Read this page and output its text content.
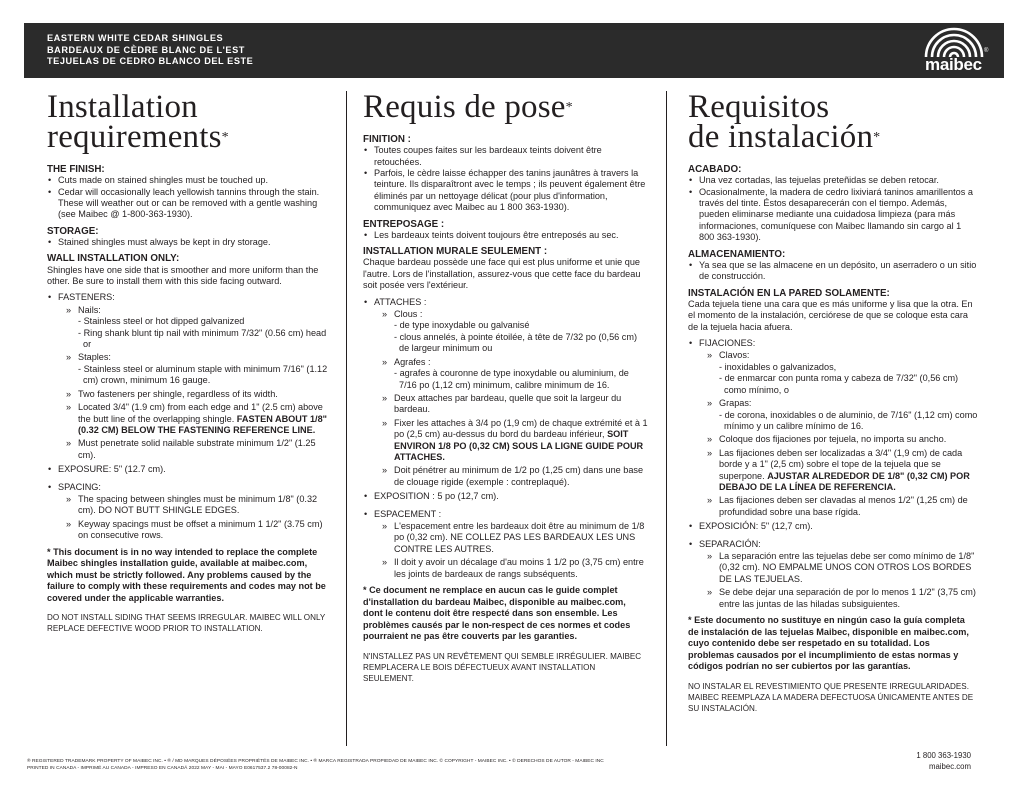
EASTERN WHITE CEDAR SHINGLES
BARDEAUX DE CÈDRE BLANC DE L'EST
TEJUELAS DE CEDRO BLANCO DEL ESTE	maibec
®
Installation
requirements*
THE FINISH:
• Cuts made on stained shingles must be touched up.
• Cedar will occasionally leach yellowish tannins through the stain. These will weather out or can be removed with a gentle washing (see Maibec @ 1-800-363-1930).
STORAGE:
• Stained shingles must always be kept in dry storage.
WALL INSTALLATION ONLY:

Shingles have one side that is smoother and more uniform than the other. Be sure to install them with this side facing outward.

• FASTENERS:
» Nails:
- Stainless steel or hot dipped galvanized
- Ring shank blunt tip nail with minimum 7/32" (0.56 cm) head or
» Staples:
- Stainless steel or aluminum staple with minimum 7/16" (1.12 cm) crown, minimum 16 gauge.
» Two fasteners per shingle, regardless of its width.
» Located 3/4" (1.9 cm) from each edge and 1" (2.5 cm) above the butt line of the overlapping shingle. FASTEN ABOUT 1/8" (0.32 CM) BELOW THE FASTENING REFERENCE LINE.
» Must penetrate solid nailable substrate minimum 1/2" (1.25 cm).
• EXPOSURE: 5" (12.7 cm).
• SPACING:
» The spacing between shingles must be minimum 1/8" (0.32 cm). DO NOT BUTT SHINGLE EDGES.
» Keyway spacings must be offset a minimum 1 1/2" (3.75 cm) on consecutive rows.

* This document is in no way intended to replace the complete Maibec shingles installation guide, available at maibec.com, which must be strictly followed. Any problems caused by the failure to comply with these requirements and codes may not be covered under the applicable warranties.

DO NOT INSTALL SIDING THAT SEEMS IRREGULAR. MAIBEC WILL ONLY REPLACE DEFECTIVE WOOD PRIOR TO INSTALLATION.

Requis de pose*
FINITION :
• Toutes coupes faites sur les bardeaux teints doivent être retouchées.
• Parfois, le cèdre laisse échapper des tanins jaunâtres à travers la teinture. Ils disparaîtront avec le temps ; ils peuvent également être éliminés par un nettoyage délicat (pour plus d'information, communiquez avec Maibec au 1 800 363-1930).
ENTREPOSAGE :
• Les bardeaux teints doivent toujours être entreposés au sec.
INSTALLATION MURALE SEULEMENT :

Chaque bardeau possède une face qui est plus uniforme et unie que l'autre. Lors de l'installation, assurez-vous que cette face du bardeau soit posée vers l'extérieur.

• ATTACHES :
» Clous :
- de type inoxydable ou galvanisé
- clous annelés, à pointe étoilée, à tête de 7/32 po (0,56 cm) de largeur minimum ou
» Agrafes :
- agrafes à couronne de type inoxydable ou aluminium, de 7/16 po (1,12 cm) minimum, calibre minimum de 16.
» Deux attaches par bardeau, quelle que soit la largeur du bardeau.
» Fixer les attaches à 3/4 po (1,9 cm) de chaque extrémité et à 1 po (2,5 cm) au-dessus du bord du bardeau inférieur, SOIT ENVIRON 1/8 PO (0,32 CM) SOUS LA LIGNE GUIDE POUR ATTACHES.
» Doit pénétrer au minimum de 1/2 po (1,25 cm) dans une base de clouage rigide (exemple : contreplaqué).
• EXPOSITION : 5 po (12,7 cm).
• ESPACEMENT :
» L'espacement entre les bardeaux doit être au minimum de 1/8 po (0,32 cm). NE COLLEZ PAS LES BARDEAUX LES UNS CONTRE LES AUTRES.
» Il doit y avoir un décalage d'au moins 1 1/2 po (3,75 cm) entre les joints de bardeaux de rangs subséquents.

* Ce document ne remplace en aucun cas le guide complet d'installation du bardeau Maibec, disponible au maibec.com, dont le contenu doit être respecté dans son ensemble. Les problèmes causés par le non-respect de ces normes et codes pourraient ne pas être couverts par les garanties.

N'INSTALLEZ PAS UN REVÊTEMENT QUI SEMBLE IRRÉGULIER. MAIBEC REMPLACERA LE BOIS DÉFECTUEUX AVANT INSTALLATION SEULEMENT.

Requisitos
de instalación*
ACABADO:
• Una vez cortadas, las tejuelas preteñidas se deben retocar.
• Ocasionalmente, la madera de cedro lixiviará taninos amarillentos a través del tinte. Éstos desaparecerán con el tiempo. Además, pueden eliminarse mediante una cuidadosa limpieza (para más informaciones, comuníquese con Maibec llamando sin cargo al 1 800 363-1930).
ALMACENAMIENTO:
• Ya sea que se las almacene en un depósito, un aserradero o un sitio de construcción.
INSTALACIÓN EN LA PARED SOLAMENTE:

Cada tejuela tiene una cara que es más uniforme y lisa que la otra. En el momento de la instalación, cerciórese de que se coloque esta cara de la tejuela hacia afuera.

• FIJACIONES:
» Clavos:
- inoxidables o galvanizados,
- de enmarcar con punta roma y cabeza de 7/32" (0,56 cm) como mínimo, o
» Grapas:
- de corona, inoxidables o de aluminio, de 7/16" (1,12 cm) como mínimo y un calibre mínimo de 16.
» Coloque dos fijaciones por tejuela, no importa su ancho.
» Las fijaciones deben ser localizadas a 3/4" (1,9 cm) de cada borde y a 1" (2,5 cm) sobre el tope de la tejuela que se superpone. AJUSTAR ALREDEDOR DE 1/8" (0,32 CM) POR DEBAJO DE LA LÍNEA DE REFERENCIA.
» Las fijaciones deben ser clavadas al menos 1/2" (1,25 cm) de profundidad sobre una base rígida.
• EXPOSICIÓN: 5" (12,7 cm).
• SEPARACIÓN:
» La separación entre las tejuelas debe ser como mínimo de 1/8" (0,32 cm). NO EMPALME UNOS CON OTROS LOS BORDES DE LAS TEJUELAS.
» Se debe dejar una separación de por lo menos 1 1/2" (3,75 cm) entre las juntas de las hiladas subsiguientes.

* Este documento no sustituye en ningún caso la guía completa de instalación de las tejuelas Maibec, disponible en maibec.com, cuyo contenido debe ser respetado en su totalidad. Los problemas causados por el incumplimiento de estas normas y códigos podrían no ser cubiertos por las garantías.

NO INSTALAR EL REVESTIMIENTO QUE PRESENTE IRREGULARIDADES. MAIBEC REEMPLAZA LA MADERA DEFECTUOSA ÚNICAMENTE ANTES DE SU INSTALACIÓN.

® REGISTERED TRADEMARK PROPERTY OF MAIBEC INC. • ® / MD MARQUES DÉPOSÉES PROPRIÉTÉS DE MAIBEC INC. • ® MARCA REGISTRADA PROPIEDAD DE MAIBEC INC. © COPYRIGHT - MAIBEC INC. • © DERECHOS DE AUTOR - MAIBEC INC
PRINTED IN CANADA - IMPRIMÉ AU CANADA - IMPRESO EN CANADÁ 2022 MAY - MAI - MAYO E0617537.2 78-00082-N
1 800 363-1930
maibec.com
